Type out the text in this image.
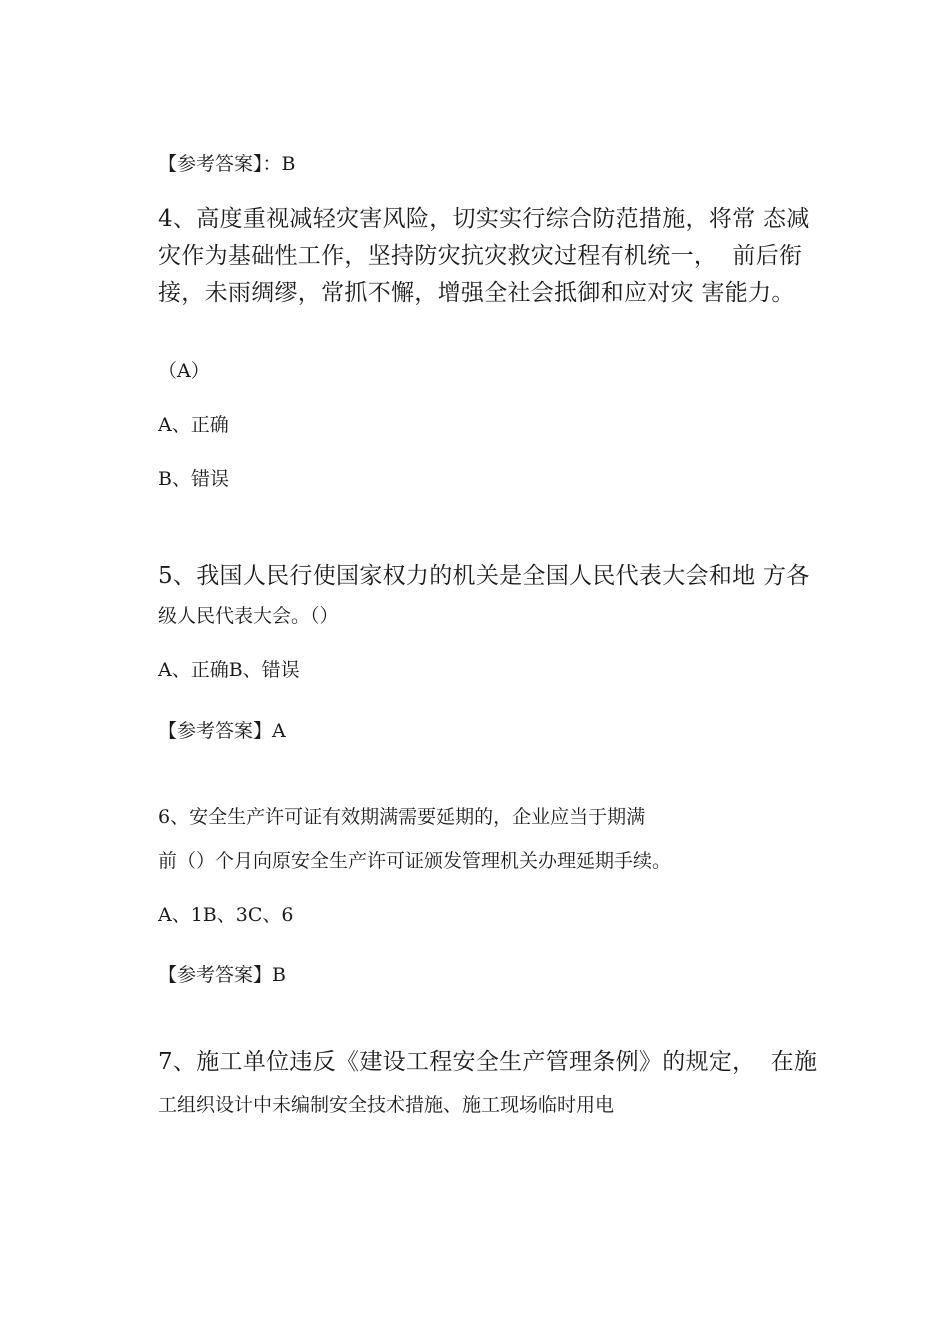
【参考答案】：B
4、高度重视减轻灾害风险，切实实行综合防范措施，将常 态减
灾作为基础性工作，坚持防灾抗灾救灾过程有机统一，  前后衔
接，未雨绸缪，常抓不懈，增强全社会抵御和应对灾 害能力。
（A）
A、正确
B、错误
5、我国人民行使国家权力的机关是全国人民代表大会和地 方各
级人民代表大会。（）
A、正确B、错误
【参考答案】A
6、安全生产许可证有效期满需要延期的，企业应当于期满
前（）个月向原安全生产许可证颁发管理机关办理延期手续。
A、1B、3C、6
【参考答案】B
7、施工单位违反《建设工程安全生产管理条例》的规定，  在施
工组织设计中未编制安全技术措施、施工现场临时用电
